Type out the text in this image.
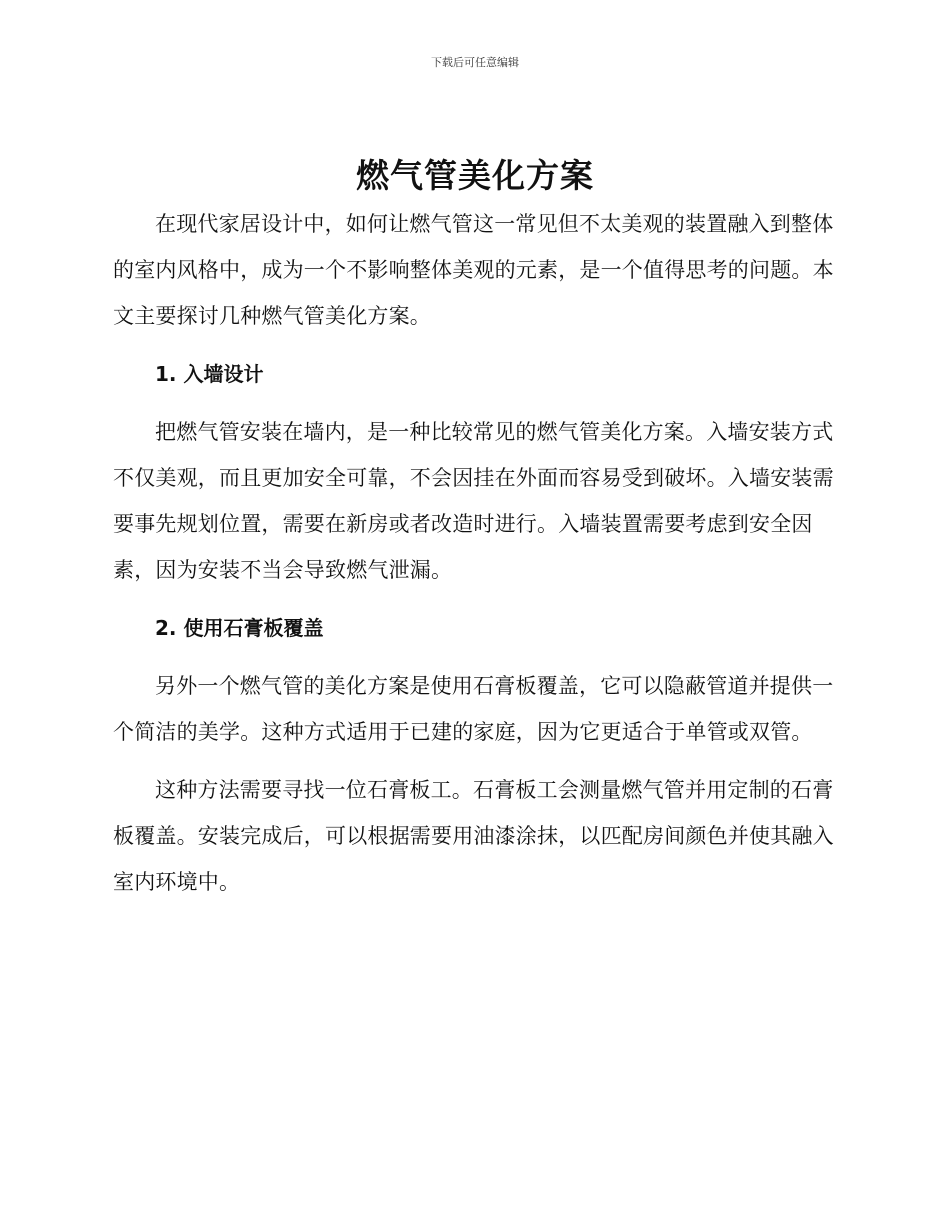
下载后可任意编辑
燃气管美化方案

在现代家居设计中，如何让燃气管这一常见但不太美观的装置融入到整体的室内风格中，成为一个不影响整体美观的元素，是一个值得思考的问题。本文主要探讨几种燃气管美化方案。

1. 入墙设计

把燃气管安装在墙内，是一种比较常见的燃气管美化方案。入墙安装方式不仅美观，而且更加安全可靠，不会因挂在外面而容易受到破坏。入墙安装需要事先规划位置，需要在新房或者改造时进行。入墙装置需要考虑到安全因素，因为安装不当会导致燃气泄漏。

2. 使用石膏板覆盖

另外一个燃气管的美化方案是使用石膏板覆盖，它可以隐蔽管道并提供一个简洁的美学。这种方式适用于已建的家庭，因为它更适合于单管或双管。

这种方法需要寻找一位石膏板工。石膏板工会测量燃气管并用定制的石膏板覆盖。安装完成后，可以根据需要用油漆涂抹，以匹配房间颜色并使其融入室内环境中。
